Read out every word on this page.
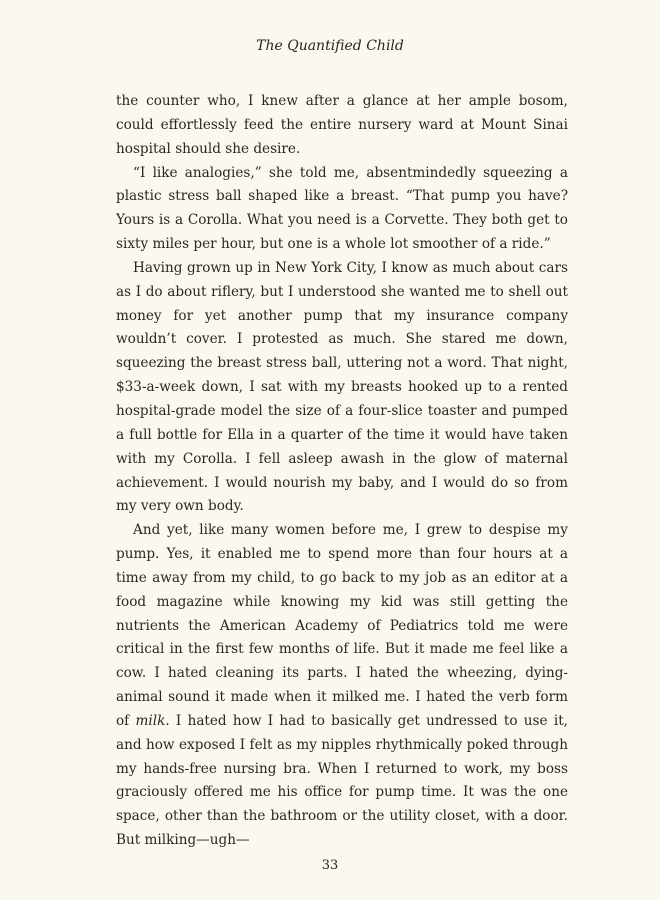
The Quantified Child

the counter who, I knew after a glance at her ample bosom, could effortlessly feed the entire nursery ward at Mount Sinai hospital should she desire.

“I like analogies,” she told me, absentmindedly squeezing a plastic stress ball shaped like a breast. “That pump you have? Yours is a Corolla. What you need is a Corvette. They both get to sixty miles per hour, but one is a whole lot smoother of a ride.”

Having grown up in New York City, I know as much about cars as I do about riflery, but I understood she wanted me to shell out money for yet another pump that my insurance company wouldn’t cover. I protested as much. She stared me down, squeezing the breast stress ball, uttering not a word. That night, $33-a-week down, I sat with my breasts hooked up to a rented hospital-grade model the size of a four-slice toaster and pumped a full bottle for Ella in a quarter of the time it would have taken with my Corolla. I fell asleep awash in the glow of maternal achievement. I would nourish my baby, and I would do so from my very own body.

And yet, like many women before me, I grew to despise my pump. Yes, it enabled me to spend more than four hours at a time away from my child, to go back to my job as an editor at a food magazine while knowing my kid was still getting the nutrients the American Academy of Pediatrics told me were critical in the first few months of life. But it made me feel like a cow. I hated cleaning its parts. I hated the wheezing, dying-animal sound it made when it milked me. I hated the verb form of milk. I hated how I had to basically get undressed to use it, and how exposed I felt as my nipples rhythmically poked through my hands-free nursing bra. When I returned to work, my boss graciously offered me his office for pump time. It was the one space, other than the bathroom or the utility closet, with a door. But milking—ugh—

33
